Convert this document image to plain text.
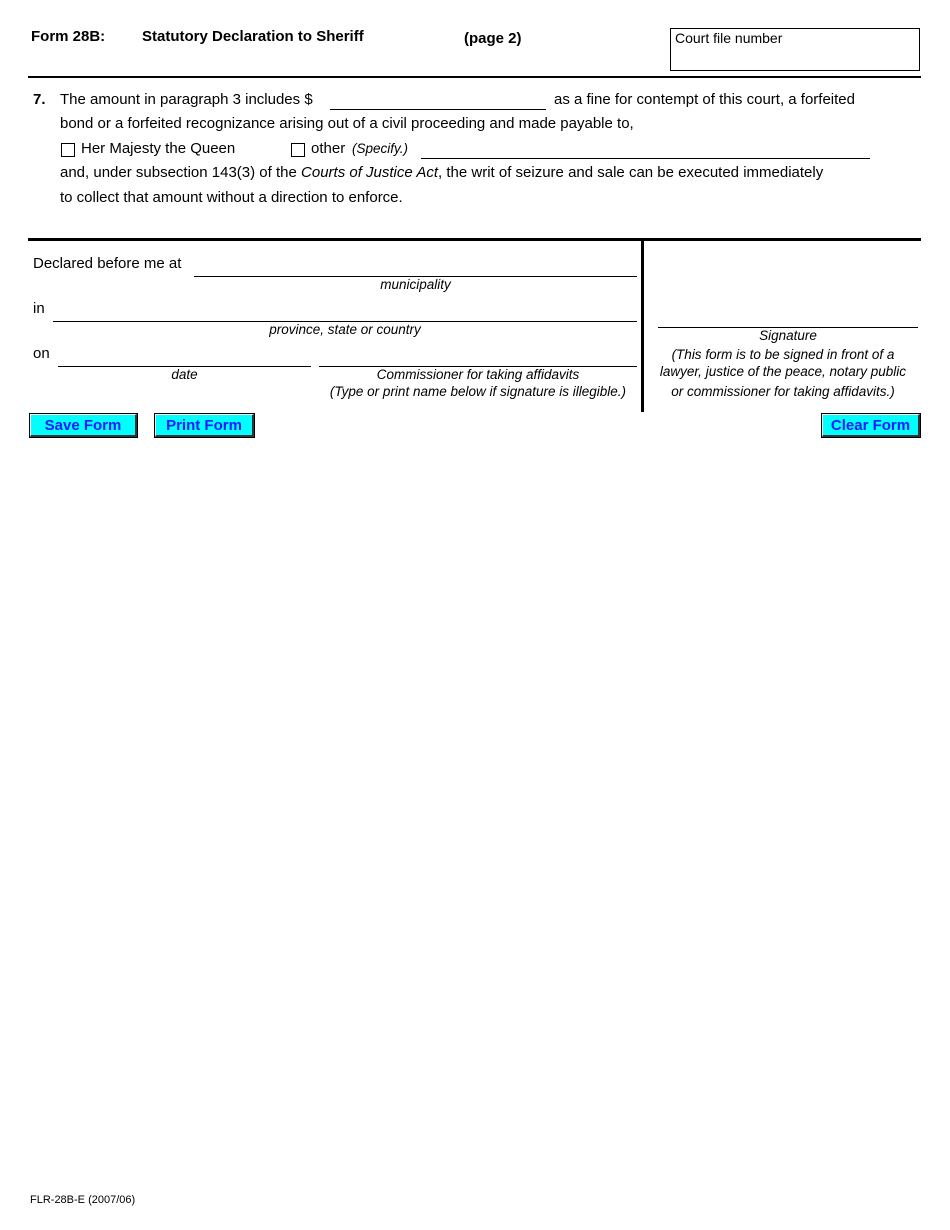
Form 28B: Statutory Declaration to Sheriff	(page 2)	Court file number
7. The amount in paragraph 3 includes $	as a fine for contempt of this court, a forfeited
bond or a forfeited recognizance arising out of a civil proceeding and made payable to,
Her Majesty the Queen	other (Specify.)
and, under subsection 143(3) of the Courts of Justice Act, the writ of seizure and sale can be executed immediately
to collect that amount without a direction to enforce.
Declared before me at
municipality
in
province, state or country
on
date	Commissioner for taking affidavits
(Type or print name below if signature is illegible.)
Signature
(This form is to be signed in front of a
lawyer, justice of the peace, notary public
or commissioner for taking affidavits.)
Save Form	Print Form	Clear Form
FLR-28B-E (2007/06)
